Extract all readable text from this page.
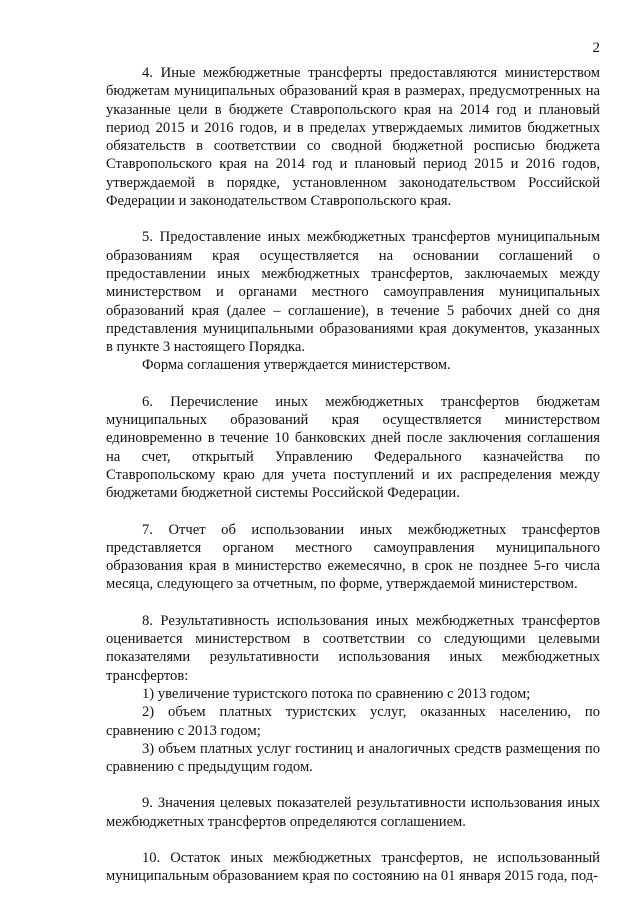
2

4. Иные межбюджетные трансферты предоставляются министерством бюджетам муниципальных образований края в размерах, предусмотренных на указанные цели в бюджете Ставропольского края на 2014 год и плановый период 2015 и 2016 годов, и в пределах утверждаемых лимитов бюджетных обязательств в соответствии со сводной бюджетной росписью бюджета Ставропольского края на 2014 год и плановый период 2015 и 2016 годов, утверждаемой в порядке, установленном законодательством Российской Федерации и законодательством Ставропольского края.

5. Предоставление иных межбюджетных трансфертов муниципальным образованиям края осуществляется на основании соглашений о предоставлении иных межбюджетных трансфертов, заключаемых между министерством и органами местного самоуправления муниципальных образований края (далее – соглашение), в течение 5 рабочих дней со дня представления муниципальными образованиями края документов, указанных в пункте 3 настоящего Порядка.

Форма соглашения утверждается министерством.

6. Перечисление иных межбюджетных трансфертов бюджетам муниципальных образований края осуществляется министерством единовременно в течение 10 банковских дней после заключения соглашения на счет, открытый Управлению Федерального казначейства по Ставропольскому краю для учета поступлений и их распределения между бюджетами бюджетной системы Российской Федерации.

7. Отчет об использовании иных межбюджетных трансфертов представляется органом местного самоуправления муниципального образования края в министерство ежемесячно, в срок не позднее 5-го числа месяца, следующего за отчетным, по форме, утверждаемой министерством.

8. Результативность использования иных межбюджетных трансфертов оценивается министерством в соответствии со следующими целевыми показателями результативности использования иных межбюджетных трансфертов:

1) увеличение туристского потока по сравнению с 2013 годом;

2) объем платных туристских услуг, оказанных населению, по сравнению с 2013 годом;

3) объем платных услуг гостиниц и аналогичных средств размещения по сравнению с предыдущим годом.

9. Значения целевых показателей результативности использования иных межбюджетных трансфертов определяются соглашением.

10. Остаток иных межбюджетных трансфертов, не использованный муниципальным образованием края по состоянию на 01 января 2015 года, под-
